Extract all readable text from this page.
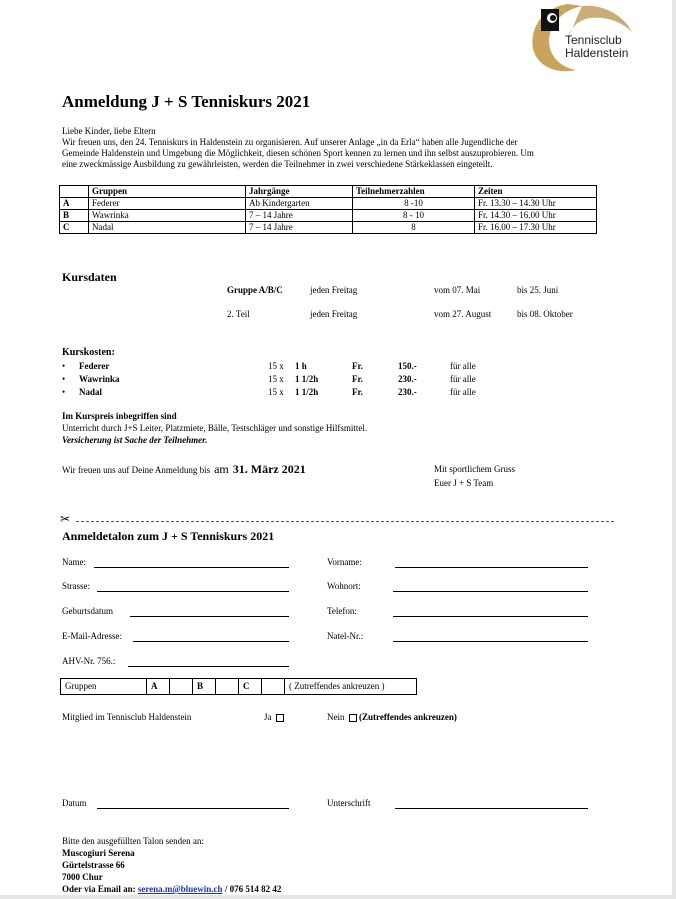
Tennisclub
Haldenstein
Anmeldung J + S Tenniskurs 2021

Liebe Kinder, liebe Eltern

Wir freuen uns, den 24. Tenniskurs in Haldenstein zu organisieren. Auf unserer Anlage „in da Erla“ haben alle Jugendliche der

Gemeinde Haldenstein und Umgebung die Möglichkeit, diesen schönen Sport kennen zu lernen und ihn selbst auszuprobieren. Um

eine zweckmässige Ausbildung zu gewährleisten, werden die Teilnehmer in zwei verschiedene Stärkeklassen eingeteilt.

	Gruppen	Jahrgänge	Teilnehmerzahlen	Zeiten
A	Federer	Ab Kindergarten	8 -10	Fr. 13.30 – 14.30 Uhr
B	Wawrinka	7 – 14 Jahre	8 - 10	Fr. 14.30 – 16.00 Uhr
C	Nadal	7 – 14 Jahre	8	Fr. 16.00 – 17.30 Uhr
Kursdaten
Gruppe A/B/C	jeden Freitag	vom 07. Mai	bis 25. Juni
2. Teil	jeden Freitag	vom 27. August	bis 08. Oktober
Kurskosten:
• Federer	15 x 1 h	Fr.	150.-	für alle
• Wawrinka	15 x 1 1/2h	Fr.	230.-	für alle
• Nadal	15 x 1 1/2h	Fr.	230.-	für alle
Im Kurspreis inbegriffen sind
Unterricht durch J+S Leiter, Platzmiete, Bälle, Testschläger und sonstige Hilfsmittel.
Versicherung ist Sache der Teilnehmer.
Wir freuen uns auf Deine Anmeldung bis am 31. März 2021	Mit sportlichem Gruss
Euer J + S Team
✂
Anmeldetalon zum J + S Tenniskurs 2021
Name:	Vorname:
Strasse:	Wohnort:
Geburtsdatum	Telefon:
E-Mail-Adresse:	Natel-Nr.:
AHV-Nr. 756.:
Gruppen	A	B	C	( Zutreffendes ankreuzen )
Mitglied im Tennisclub Haldenstein	Ja	Nein (Zutreffendes ankreuzen)
Datum	Unterschrift
Bitte den ausgefüllten Talon senden an:
Muscogiuri Serena
Gürtelstrasse 66
7000 Chur
Oder via Email an: serena.m@bluewin.ch / 076 514 82 42
